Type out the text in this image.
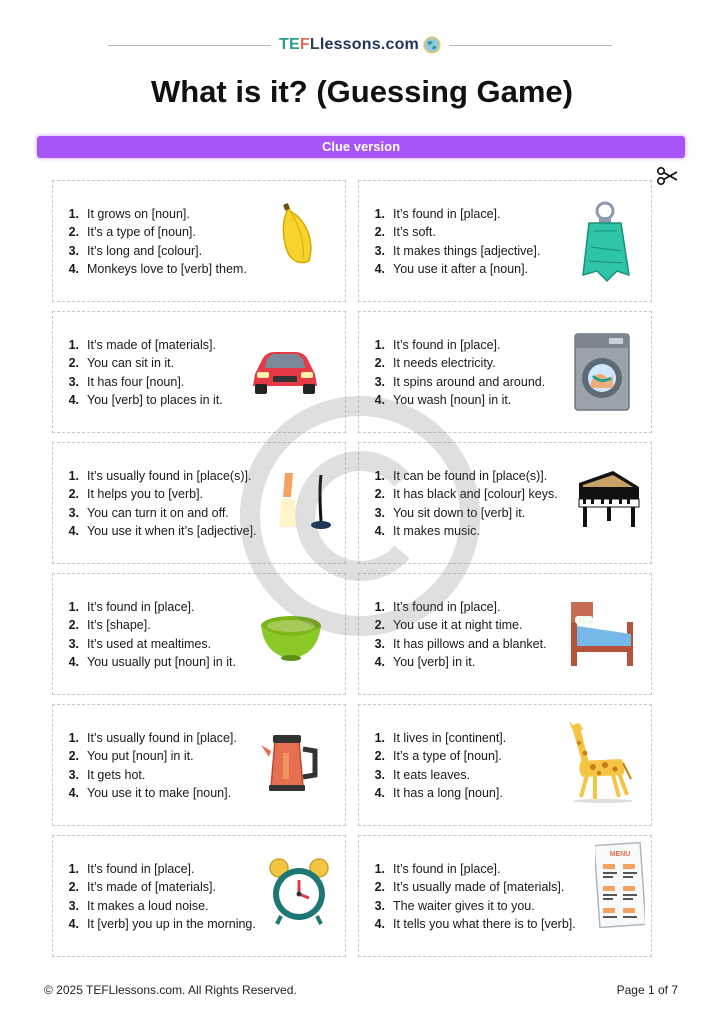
TE F L lessons.com
What is it? (Guessing Game)
Clue version
1. It grows on [noun].
2. It’s a type of [noun].
3. It’s long and [colour].
4. Monkeys love to [verb] them.
1. It’s found in [place].
2. It’s soft.
3. It makes things [adjective].
4. You use it after a [noun].
1. It’s made of [materials].
2. You can sit in it.
3. It has four [noun].
4. You [verb] to places in it.
1. It’s found in [place].
2. It needs electricity.
3. It spins around and around.
4. You wash [noun] in it.
1. It’s usually found in [place(s)].
2. It helps you to [verb].
3. You can turn it on and off.
4. You use it when it’s [adjective].
1. It can be found in [place(s)].
2. It has black and [colour] keys.
3. You sit down to [verb] it.
4. It makes music.
1. It’s found in [place].
2. It’s [shape].
3. It’s used at mealtimes.
4. You usually put [noun] in it.
1. It’s found in [place].
2. You use it at night time.
3. It has pillows and a blanket.
4. You [verb] in it.
1. It’s usually found in [place].
2. You put [noun] in it.
3. It gets hot.
4. You use it to make [noun].
1. It lives in [continent].
2. It’s a type of [noun].
3. It eats leaves.
4. It has a long [noun].
1. It’s found in [place].
2. It’s made of [materials].
3. It makes a loud noise.
4. It [verb] you up in the morning.
1. It’s found in [place].
2. It’s usually made of [materials].
3. The waiter gives it to you.
4. It tells you what there is to [verb].
MENU
© 2025 TEFLlessons.com. All Rights Reserved.	Page 1 of 7
